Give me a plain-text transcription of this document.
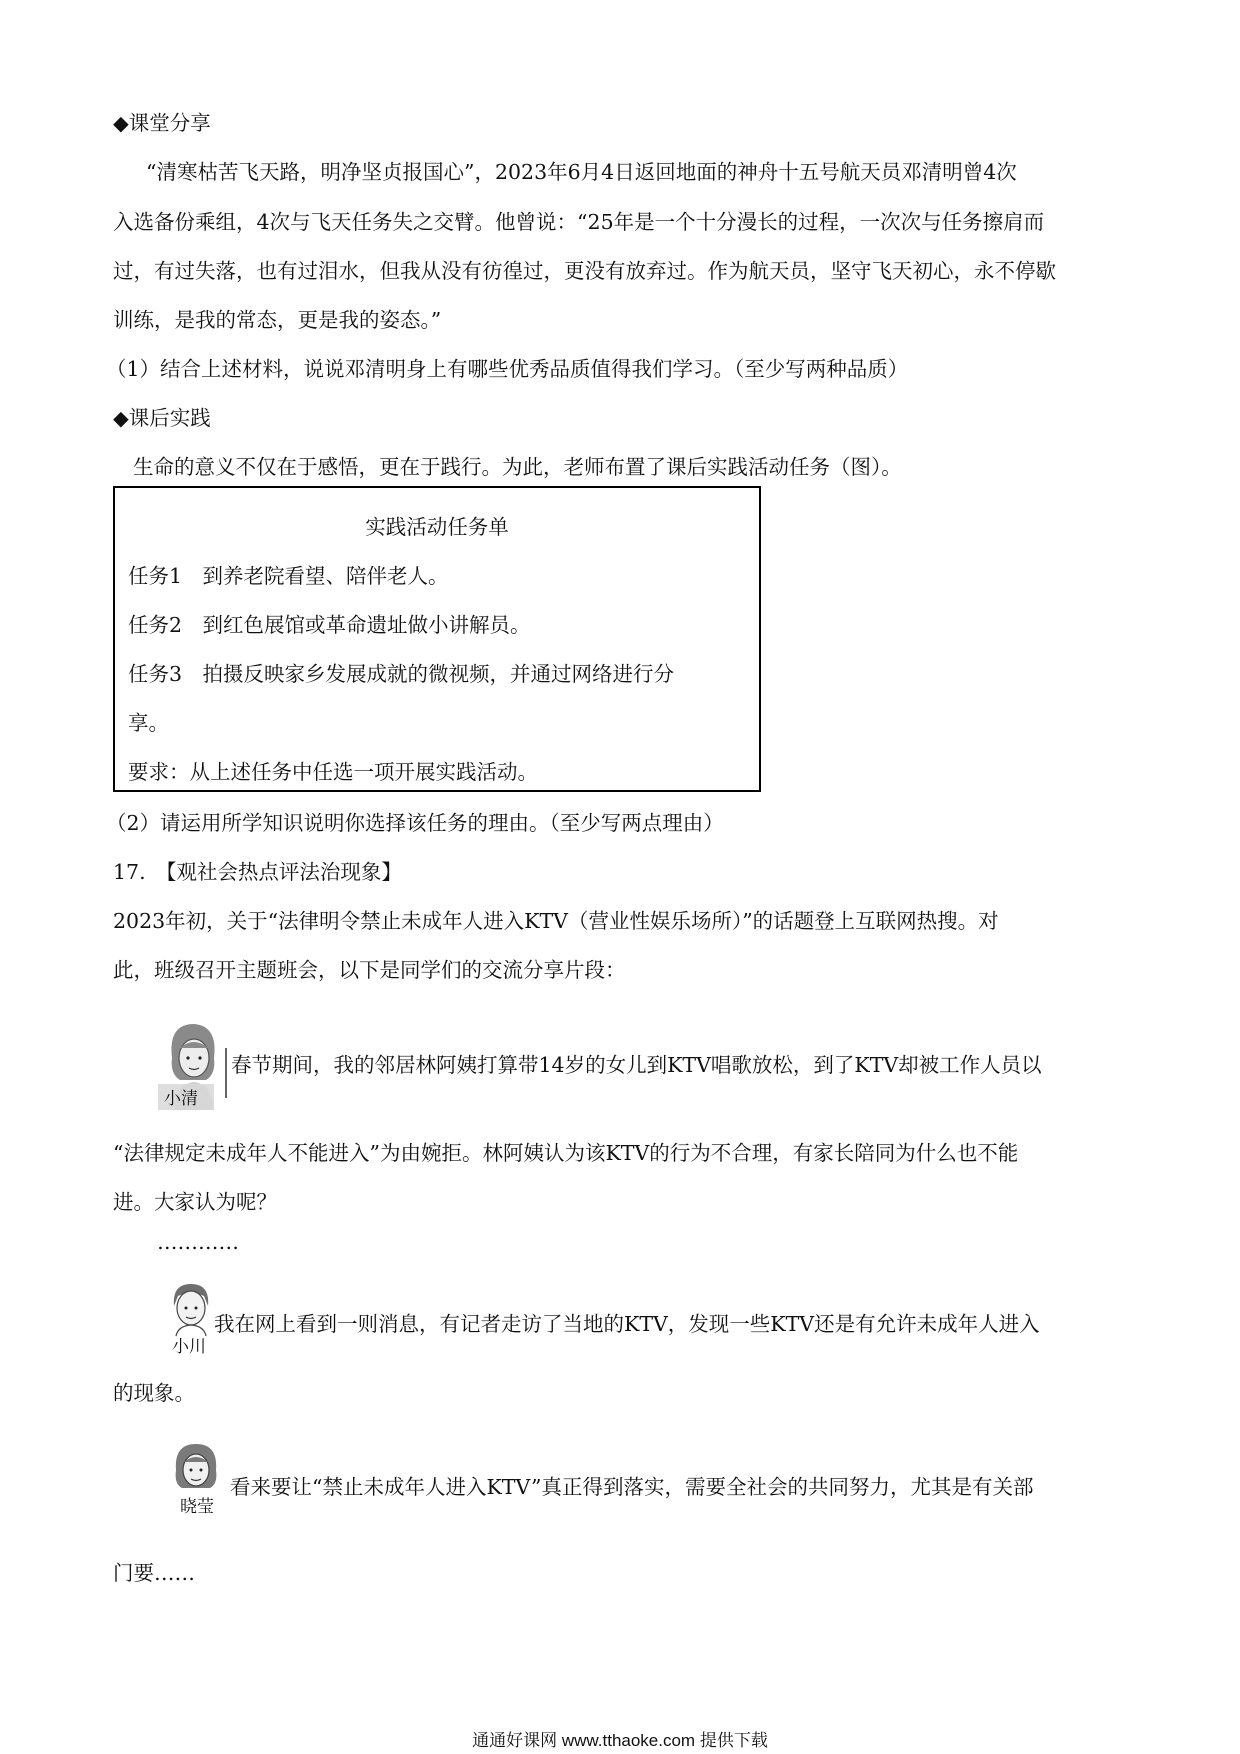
◆课堂分享
“清寒枯苦飞天路，明净坚贞报国心”，2023年6月4日返回地面的神舟十五号航天员邓清明曾4次
入选备份乘组，4次与飞天任务失之交臂。他曾说：“25年是一个十分漫长的过程，一次次与任务擦肩而
过，有过失落，也有过泪水，但我从没有彷徨过，更没有放弃过。作为航天员，坚守飞天初心，永不停歇
训练，是我的常态，更是我的姿态。”
（1）结合上述材料，说说邓清明身上有哪些优秀品质值得我们学习。（至少写两种品质）
◆课后实践
生命的意义不仅在于感悟，更在于践行。为此，老师布置了课后实践活动任务（图）。
实践活动任务单
任务1　到养老院看望、陪伴老人。
任务2　到红色展馆或革命遗址做小讲解员。
任务3　拍摄反映家乡发展成就的微视频，并通过网络进行分
享。
要求：从上述任务中任选一项开展实践活动。
（2）请运用所学知识说明你选择该任务的理由。（至少写两点理由）
17.　【观社会热点评法治现象】
2023年初，关于“法律明令禁止未成年人进入KTV（营业性娱乐场所）”的话题登上互联网热搜。对
此，班级召开主题班会，以下是同学们的交流分享片段：
小清
春节期间，我的邻居林阿姨打算带14岁的女儿到KTV唱歌放松，到了KTV却被工作人员以
“法律规定未成年人不能进入”为由婉拒。林阿姨认为该KTV的行为不合理，有家长陪同为什么也不能
进。大家认为呢？
…………
小川
我在网上看到一则消息，有记者走访了当地的KTV，发现一些KTV还是有允许未成年人进入
的现象。
晓莹
看来要让“禁止未成年人进入KTV”真正得到落实，需要全社会的共同努力，尤其是有关部
门要……
通通好课网 www.tthaoke.com 提供下载
